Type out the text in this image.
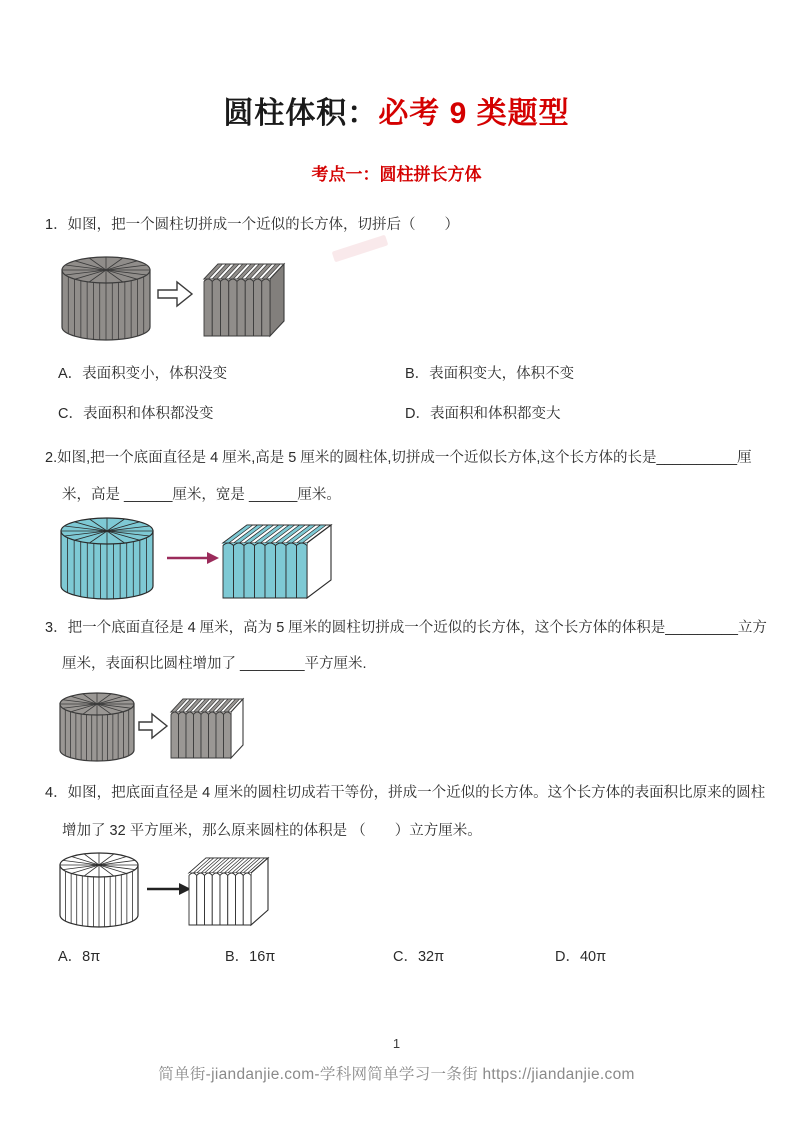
圆柱体积：必考 9 类题型
考点一：圆柱拼长方体

1．如图，把一个圆柱切拼成一个近似的长方体，切拼后（　　）

A．表面积变小，体积没变	B．表面积变大，体积不变
C．表面积和体积都没变	D．表面积和体积都变大

2.如图,把一个底面直径是 4 厘米,高是 5 厘米的圆柱体,切拼成一个近似长方体,这个长方体的长是__________厘

米，高是 ______厘米，宽是 ______厘米。

3．把一个底面直径是 4 厘米，高为 5 厘米的圆柱切拼成一个近似的长方体，这个长方体的体积是_________立方

厘米，表面积比圆柱增加了 ________平方厘米.

4．如图，把底面直径是 4 厘米的圆柱切成若干等份，拼成一个近似的长方体。这个长方体的表面积比原来的圆柱

增加了 32 平方厘米，那么原来圆柱的体积是 （　　）立方厘米。

A．8π	B．16π	C．32π	D．40π
1
简单街-jiandanjie.com-学科网简单学习一条街 https://jiandanjie.com
